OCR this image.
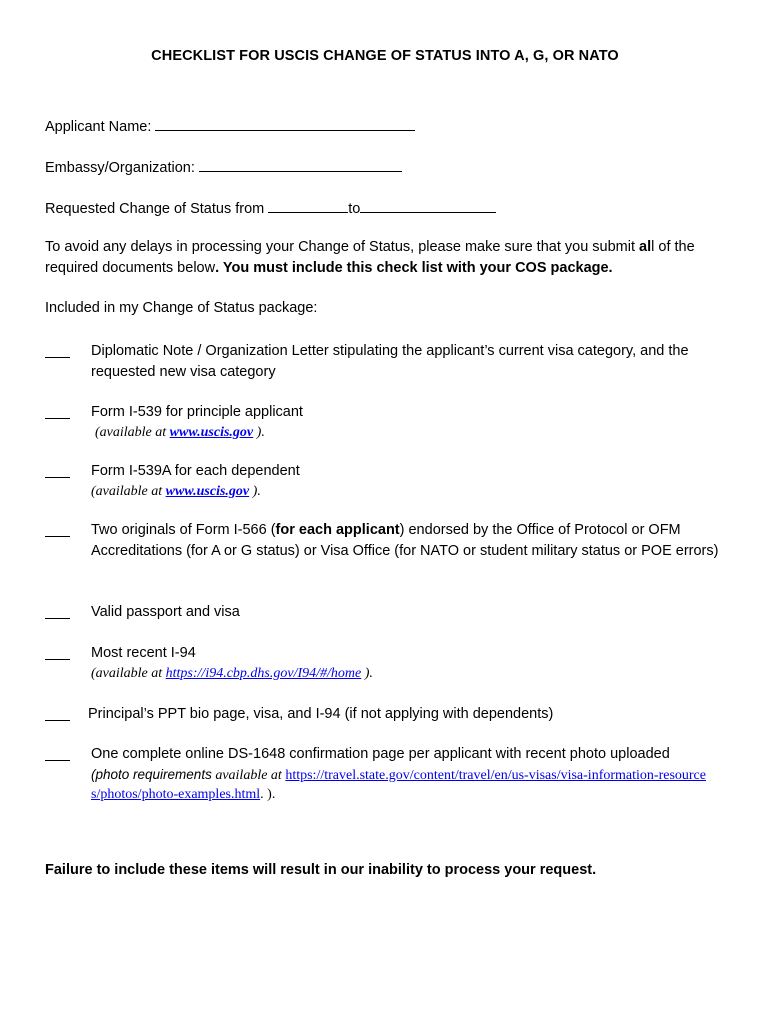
CHECKLIST FOR USCIS CHANGE OF STATUS INTO A, G, OR NATO
Applicant Name:
Embassy/Organization:
Requested Change of Status from	to
To avoid any delays in processing your Change of Status, please make sure that you submit all of the required documents below. You must include this check list with your COS package.
Included in my Change of Status package:
Diplomatic Note / Organization Letter stipulating the applicant’s current visa category, and the requested new visa category
Form I-539 for principle applicant
(available at www.uscis.gov ).
Form I-539A for each dependent
(available at www.uscis.gov ).
Two originals of Form I-566 (for each applicant) endorsed by the Office of Protocol or OFM Accreditations (for A or G status) or Visa Office (for NATO or student military status or POE errors)
Valid passport and visa
Most recent I-94
(available at https://i94.cbp.dhs.gov/I94/#/home ).
Principal’s PPT bio page, visa, and I-94 (if not applying with dependents)
One complete online DS-1648 confirmation page per applicant with recent photo uploaded
(photo requirements available at https://travel.state.gov/content/travel/en/us-visas/visa-information-resources/photos/photo-examples.html. ).
Failure to include these items will result in our inability to process your request.
